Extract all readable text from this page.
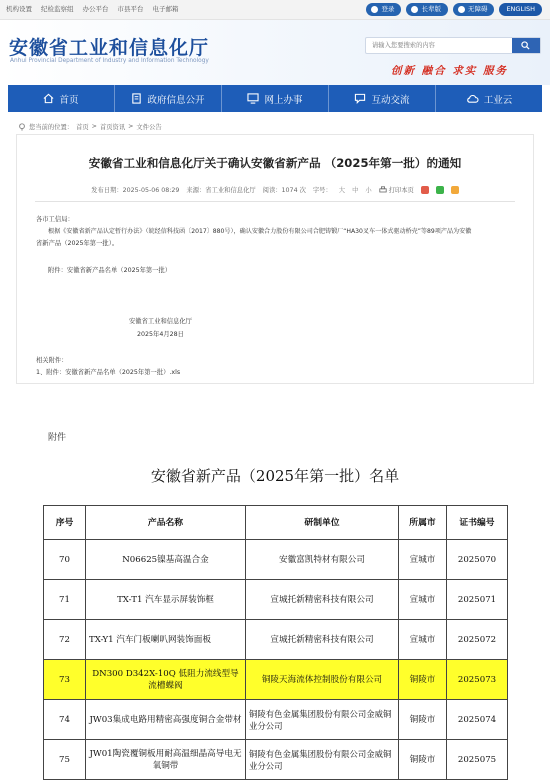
机构设置 纪检监察组 办公平台 市县平台 电子邮箱	登录	长辈版	无障碍	ENGLISH
安徽省工业和信息化厅
Anhui Provincial Department of Industry and Information Technology
请输入您要搜索的内容
创新 融合 求实 服务
首页	政府信息公开	网上办事	互动交流	工业云
您当前的位置： 首页 > 首页资讯 > 文件公告
安徽省工业和信息化厅关于确认安徽省新产品 （2025年第一批）的通知
发布日期：2025-05-06 08:29 来源：省工业和信息化厅 阅读：1074 次 字号： 大 中 小	打印本页
各市工信局：
根据《安徽省新产品认定暂行办法》（皖经信科技函〔2017〕880号），确认安徽合力股份有限公司合肥铸锻厂“HA30叉车一体式驱动桥壳”等89项产品为安徽
省新产品（2025年第一批）。
附件：安徽省新产品名单（2025年第一批）
安徽省工业和信息化厅
2025年4月28日
相关附件：
1、附件：安徽省新产品名单（2025年第一批）.xls
附件
安徽省新产品（2025年第一批）名单
序号	产品名称	研制单位	所属市	证书编号
70	N06625镍基高温合金	安徽富凯特材有限公司	宣城市	2025070
71	TX-T1 汽车显示屏装饰框	宣城托新精密科技有限公司	宣城市	2025071
72	TX-Y1 汽车门板喇叭网装饰面板	宣城托新精密科技有限公司	宣城市	2025072
73	DN300 D342X-10Q 低阻力流线型导流槽蝶阀	铜陵天海流体控制股份有限公司	铜陵市	2025073
74	JW03集成电路用精密高强度铜合金带材	铜陵有色金属集团股份有限公司金威铜业分公司	铜陵市	2025074
75	JW01陶瓷覆铜板用耐高温细晶高导电无氧铜带	铜陵有色金属集团股份有限公司金威铜业分公司	铜陵市	2025075
